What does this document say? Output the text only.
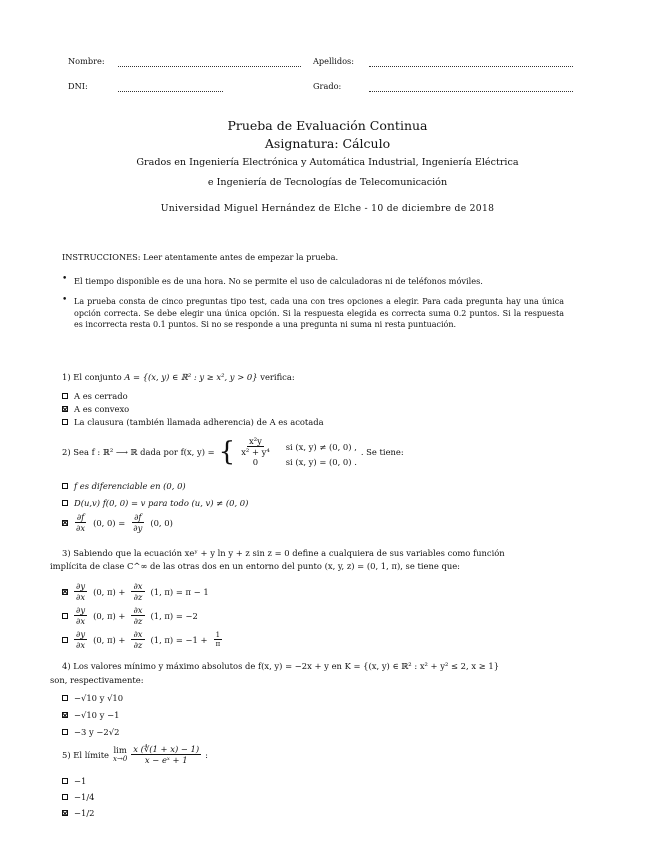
Nombre:	Apellidos:
DNI:	Grado:
Prueba de Evaluación Continua
Asignatura: Cálculo
Grados en Ingeniería Electrónica y Automática Industrial, Ingeniería Eléctrica
e Ingeniería de Tecnologías de Telecomunicación
Universidad Miguel Hernández de Elche - 10 de diciembre de 2018
INSTRUCCIONES: Leer atentamente antes de empezar la prueba.
• El tiempo disponible es de una hora. No se permite el uso de calculadoras ni de teléfonos móviles.
• La prueba consta de cinco preguntas tipo test, cada una con tres opciones a elegir. Para cada pregunta hay una única opción correcta. Se debe elegir una única opción. Si la respuesta elegida es correcta suma 0.2 puntos. Si la respuesta es incorrecta resta 0.1 puntos. Si no se responde a una pregunta ni suma ni resta puntuación.
1) El conjunto A = {(x, y) ∈ ℝ² : y ≥ x², y > 0} verifica:
A es cerrado
A es convexo
La clausura (también llamada adherencia) de A es acotada
2) Sea f : ℝ² ⟶ ℝ dada por f(x, y) = { $\frac{\text{x²y}}{\text{x² + y⁴}}$ si (x, y) ≠ (0, 0) ,
0	si (x, y) = (0, 0) .
. Se tiene:
f es diferenciable en (0, 0)
D(u,v) f(0, 0) = v para todo (u, v) ≠ (0, 0)
$\frac{\partial f}{\partial x} (0$, $0) = \frac{\partial f}{\partial y} (0$, 0)
3) Sabiendo que la ecuación xeʸ + y ln y + z sin z = 0 define a cualquiera de sus variables como función
implícita de clase C^∞ de las otras dos en un entorno del punto (x, y, z) = (0, 1, π), se tiene que:
$\frac{\partial y}{\partial x} (0$, $\pi) + \frac{\partial x}{\partial z} (1$, π) = π − 1
$\frac{\partial y}{\partial x} (0$, $\pi) + \frac{\partial x}{\partial z} (1$, π) = −2
$\frac{\partial y}{\partial x} (0$, $\pi) + \frac{\partial x}{\partial z} (1$, $\pi) = -1 + \frac{1}{\pi}$
4) Los valores mínimo y máximo absolutos de f(x, y) = −2x + y en K = {(x, y) ∈ ℝ² : x² + y² ≤ 2, x ≥ 1}
son, respectivamente:
−√10 y √10
−√10 y −1
−3 y −2√2
5) El límite lim
$x\to 0 \frac{x (∜(1 + x) - 1)}{\text{x − eˣ + 1}}$ :
−1
−1/4
−1/2
